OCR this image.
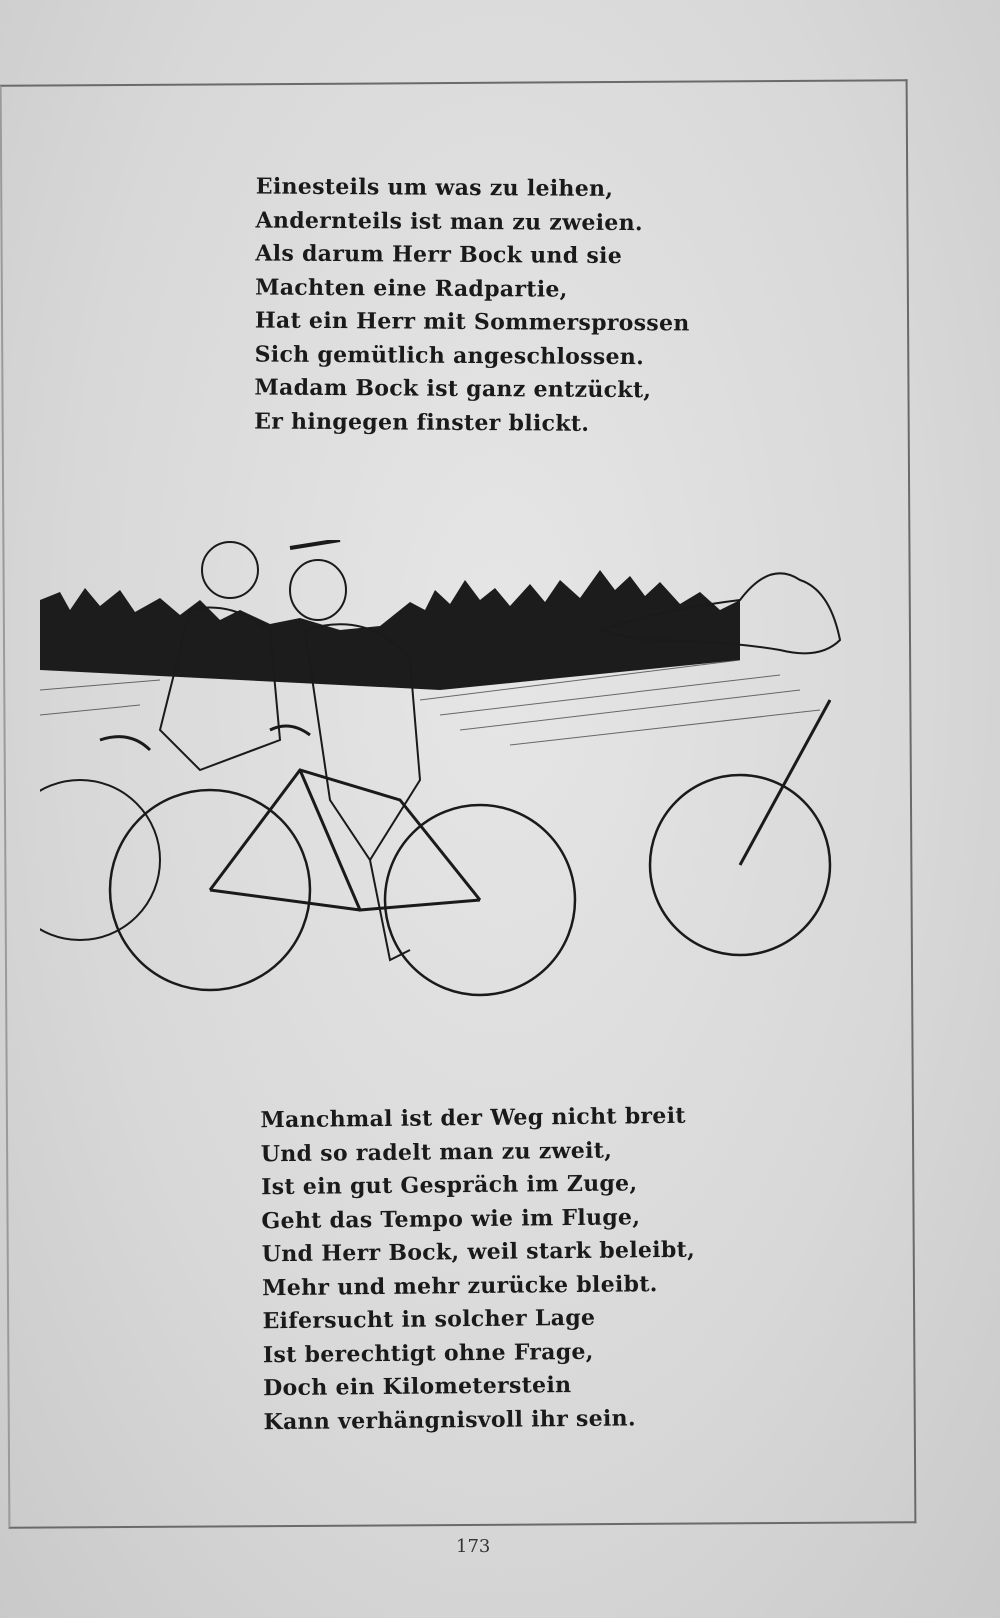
Einesteils um was zu leihen,
Andernteils ist man zu zweien.
Als darum Herr Bock und sie
Machten eine Radpartie,
Hat ein Herr mit Sommersprossen
Sich gemütlich angeschlossen.
Madam Bock ist ganz entzückt,
Er hingegen finster blickt.
Manchmal ist der Weg nicht breit
Und so radelt man zu zweit,
Ist ein gut Gespräch im Zuge,
Geht das Tempo wie im Fluge,
Und Herr Bock, weil stark beleibt,
Mehr und mehr zurücke bleibt.
Eifersucht in solcher Lage
Ist berechtigt ohne Frage,
Doch ein Kilometerstein
Kann verhängnisvoll ihr sein.
173
